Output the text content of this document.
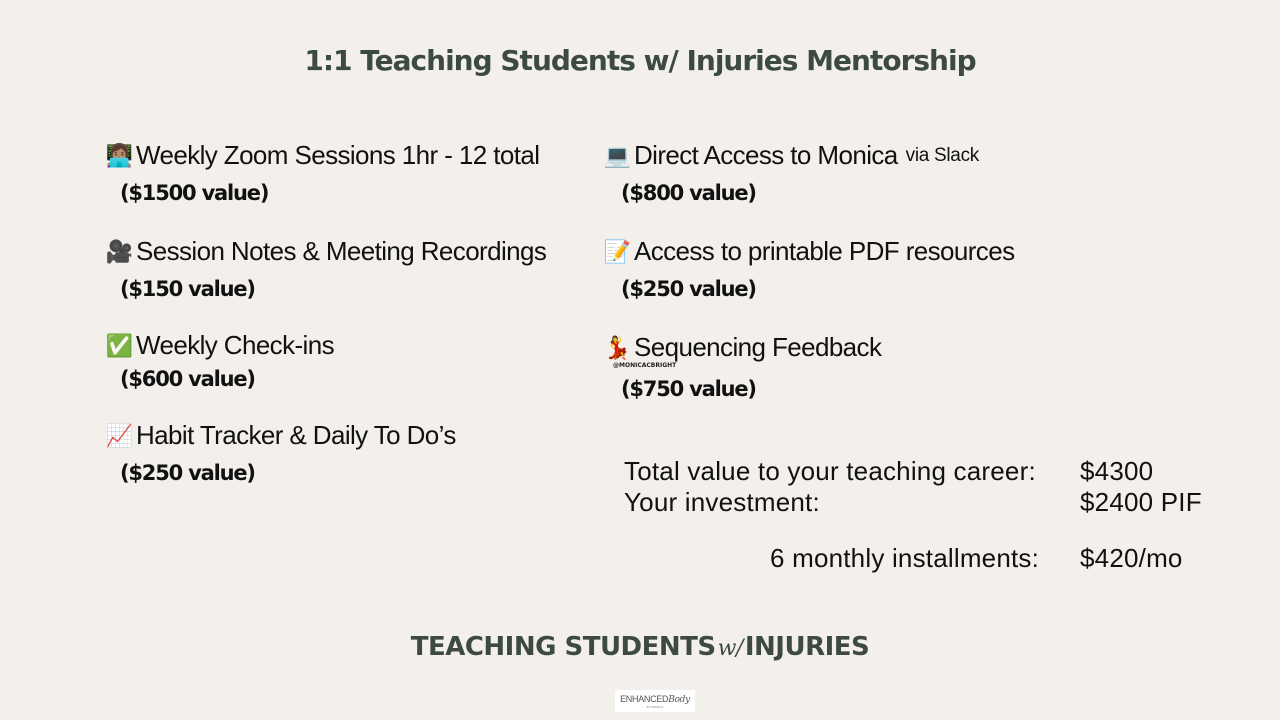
1:1 Teaching Students w/ Injuries Mentorship
👩🏽‍💻 Weekly Zoom Sessions 1hr - 12 total
($1500 value)
🎥 Session Notes & Meeting Recordings
($150 value)
✅ Weekly Check-ins
($600 value)
📈 Habit Tracker & Daily To Do’s
($250 value)
💻 Direct Access to Monica via Slack
($800 value)
📝 Access to printable PDF resources
($250 value)
💃 Sequencing Feedback
($750 value)
@MONICACBRIGHT
Total value to your teaching career: $4300
Your investment:	$2400 PIF
6 monthly installments: $420/mo
TEACHING STUDENTSw/INJURIES
ENHANCEDBody
BY MONICA
